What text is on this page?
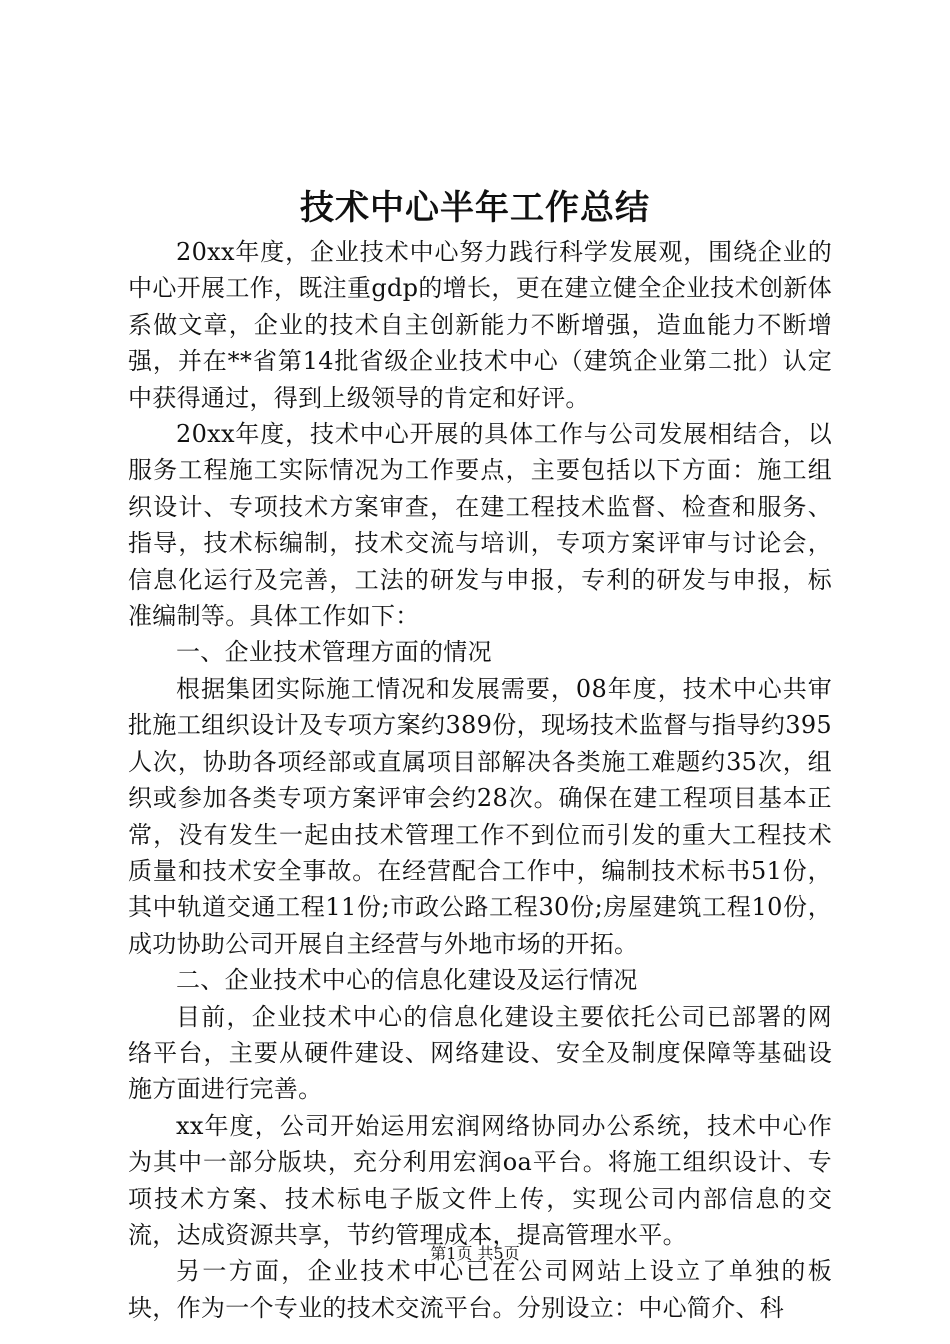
技术中心半年工作总结

20xx年度，企业技术中心努力践行科学发展观，围绕企业的中心开展工作，既注重gdp的增长，更在建立健全企业技术创新体系做文章，企业的技术自主创新能力不断增强，造血能力不断增强，并在**省第14批省级企业技术中心（建筑企业第二批）认定中获得通过，得到上级领导的肯定和好评。

20xx年度，技术中心开展的具体工作与公司发展相结合，以服务工程施工实际情况为工作要点，主要包括以下方面：施工组织设计、专项技术方案审查，在建工程技术监督、检查和服务、指导，技术标编制，技术交流与培训，专项方案评审与讨论会，信息化运行及完善，工法的研发与申报，专利的研发与申报，标准编制等。具体工作如下：

一、企业技术管理方面的情况

根据集团实际施工情况和发展需要，08年度，技术中心共审批施工组织设计及专项方案约389份，现场技术监督与指导约395人次，协助各项经部或直属项目部解决各类施工难题约35次，组织或参加各类专项方案评审会约28次。确保在建工程项目基本正常，没有发生一起由技术管理工作不到位而引发的重大工程技术质量和技术安全事故。在经营配合工作中，编制技术标书51份，其中轨道交通工程11份;市政公路工程30份;房屋建筑工程10份，成功协助公司开展自主经营与外地市场的开拓。

二、企业技术中心的信息化建设及运行情况

目前，企业技术中心的信息化建设主要依托公司已部署的网络平台，主要从硬件建设、网络建设、安全及制度保障等基础设施方面进行完善。

xx年度，公司开始运用宏润网络协同办公系统，技术中心作为其中一部分版块，充分利用宏润oa平台。将施工组织设计、专项技术方案、技术标电子版文件上传，实现公司内部信息的交流，达成资源共享，节约管理成本，提高管理水平。

另一方面，企业技术中心已在公司网站上设立了单独的板块，作为一个专业的技术交流平台。分别设立：中心简介、科

第1页 共5页
